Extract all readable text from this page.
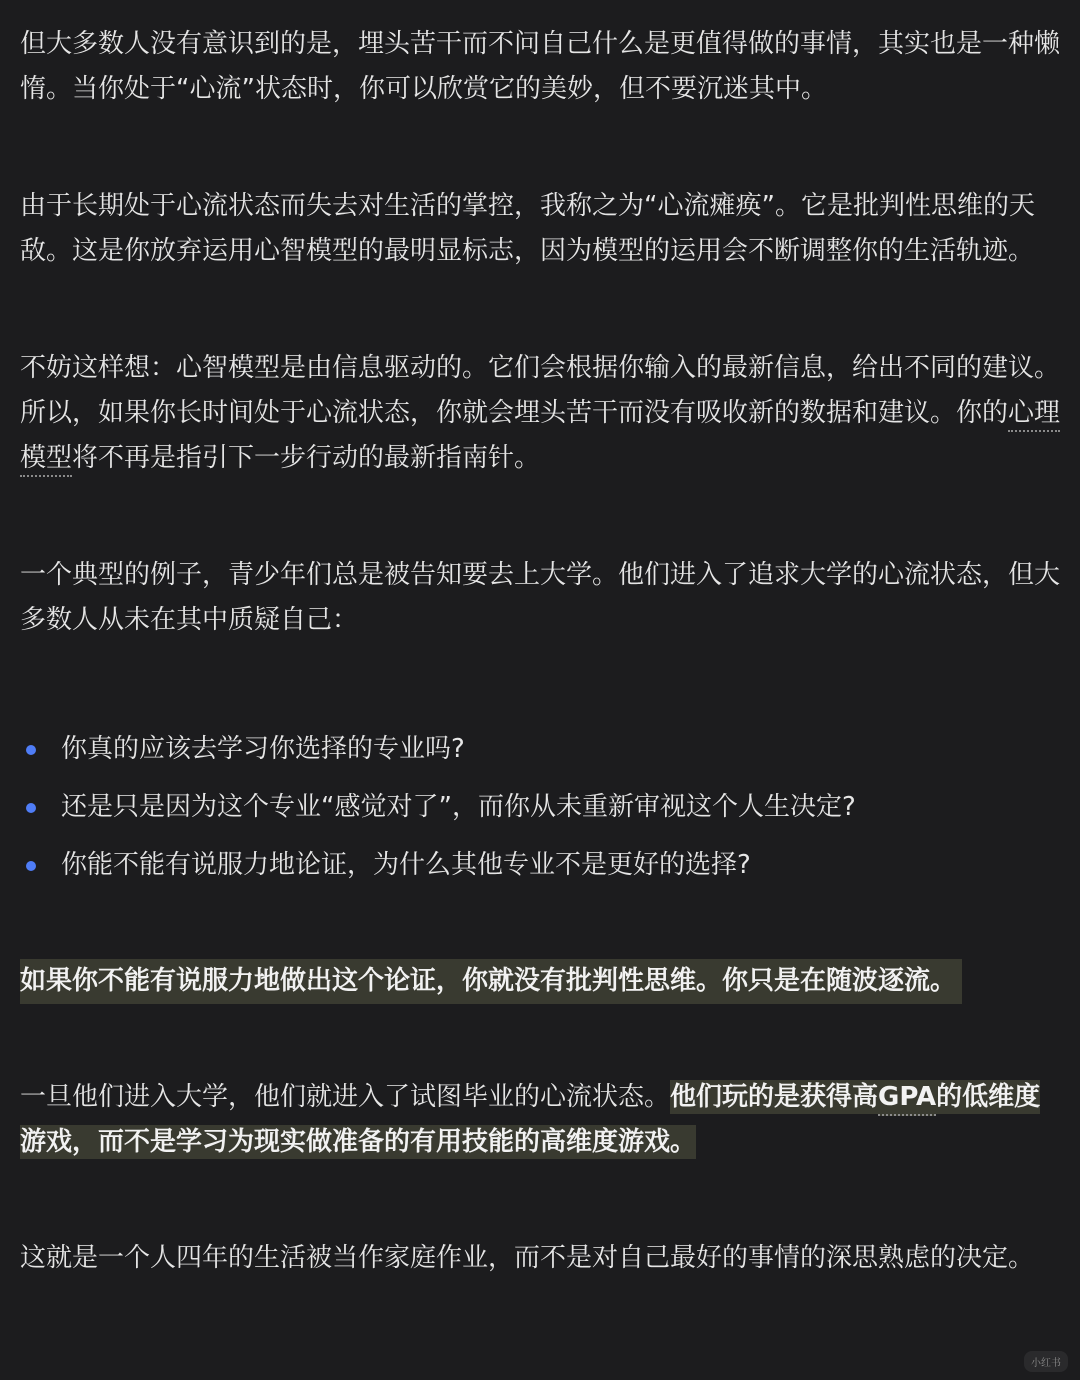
但大多数人没有意识到的是，埋头苦干而不问自己什么是更值得做的事情，其实也是一种懒惰。当你处于“心流”状态时，你可以欣赏它的美妙，但不要沉迷其中。

由于长期处于心流状态而失去对生活的掌控，我称之为“心流瘫痪”。它是批判性思维的天敌。这是你放弃运用心智模型的最明显标志，因为模型的运用会不断调整你的生活轨迹。

不妨这样想：心智模型是由信息驱动的。它们会根据你输入的最新信息，给出不同的建议。所以，如果你长时间处于心流状态，你就会埋头苦干而没有吸收新的数据和建议。你的心理模型将不再是指引下一步行动的最新指南针。

一个典型的例子，青少年们总是被告知要去上大学。他们进入了追求大学的心流状态，但大多数人从未在其中质疑自己：

你真的应该去学习你选择的专业吗?
还是只是因为这个专业“感觉对了”，而你从未重新审视这个人生决定?
你能不能有说服力地论证，为什么其他专业不是更好的选择?

如果你不能有说服力地做出这个论证，你就没有批判性思维。你只是在随波逐流。

一旦他们进入大学，他们就进入了试图毕业的心流状态。他们玩的是获得高GPA的低维度游戏，而不是学习为现实做准备的有用技能的高维度游戏。

这就是一个人四年的生活被当作家庭作业，而不是对自己最好的事情的深思熟虑的决定。

小红书
